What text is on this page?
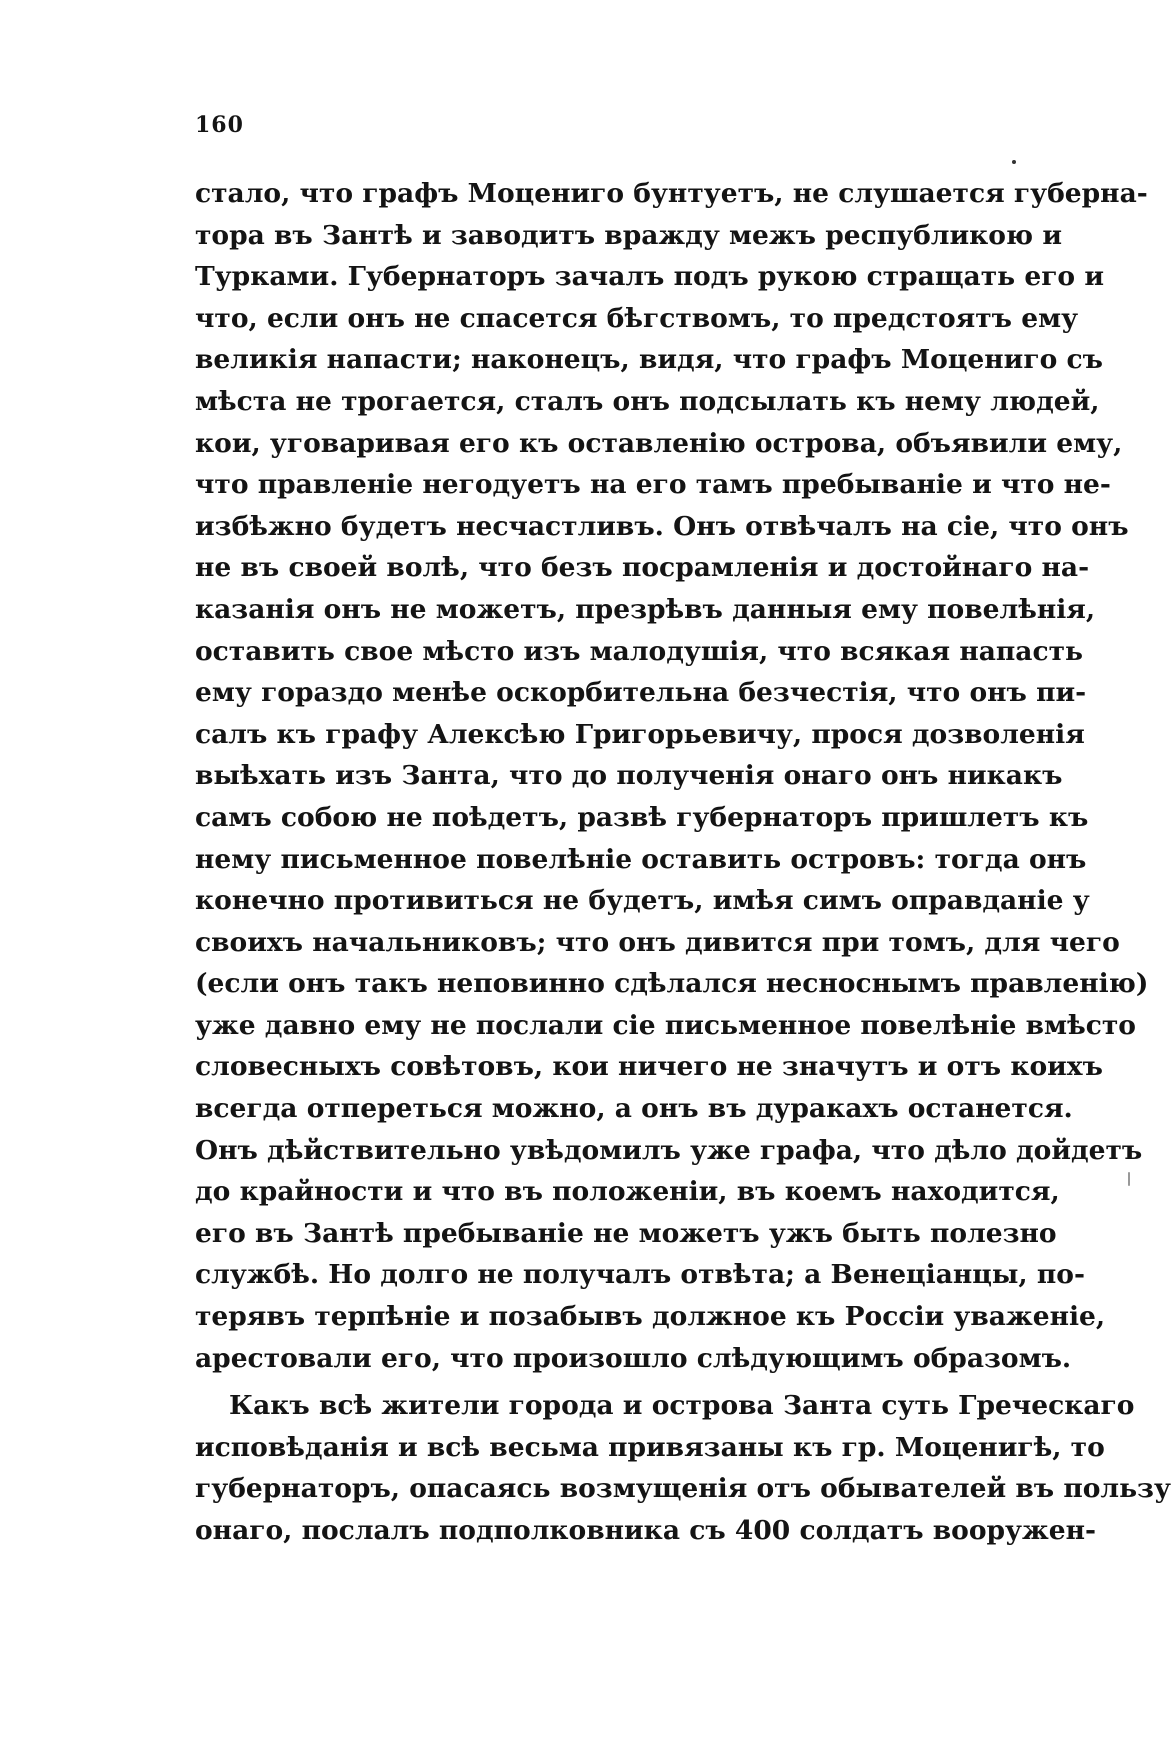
160
стало, что графъ Моцениго бунтуетъ, не слушается губерна-
тора въ Зантѣ и заводитъ вражду межъ республикою и
Турками. Губернаторъ зачалъ подъ рукою стращать его и
что, если онъ не спасется бѣгствомъ, то предстоятъ ему
великія напасти; наконецъ, видя, что графъ Моцениго съ
мѣста не трогается, сталъ онъ подсылать къ нему людей,
кои, уговаривая его къ оставленію острова, объявили ему,
что правленіе негодуетъ на его тамъ пребываніе и что не-
избѣжно будетъ несчастливъ. Онъ отвѣчалъ на сіе, что онъ
не въ своей волѣ, что безъ посрамленія и достойнаго на-
казанія онъ не можетъ, презрѣвъ данныя ему повелѣнія,
оставить свое мѣсто изъ малодушія, что всякая напасть
ему гораздо менѣе оскорбительна безчестія, что онъ пи-
салъ къ графу Алексѣю Григорьевичу, прося дозволенія
выѣхать изъ Занта, что до полученія онаго онъ никакъ
самъ собою не поѣдетъ, развѣ губернаторъ пришлетъ къ
нему письменное повелѣніе оставить островъ: тогда онъ
конечно противиться не будетъ, имѣя симъ оправданіе у
своихъ начальниковъ; что онъ дивится при томъ, для чего
(если онъ такъ неповинно сдѣлался несноснымъ правленію)
уже давно ему не послали сіе письменное повелѣніе вмѣсто
словесныхъ совѣтовъ, кои ничего не значутъ и отъ коихъ
всегда отпереться можно, а онъ въ дуракахъ останется.
Онъ дѣйствительно увѣдомилъ уже графа, что дѣло дойдетъ
до крайности и что въ положеніи, въ коемъ находится,
его въ Зантѣ пребываніе не можетъ ужъ быть полезно
службѣ. Но долго не получалъ отвѣта; а Венеціанцы, по-
терявъ терпѣніе и позабывъ должное къ Россіи уваженіе,
арестовали его, что произошло слѣдующимъ образомъ.
Какъ всѣ жители города и острова Занта суть Греческаго
исповѣданія и всѣ весьма привязаны къ гр. Моценигѣ, то
губернаторъ, опасаясь возмущенія отъ обывателей въ пользу
онаго, послалъ подполковника съ 400 солдатъ вооружен-
